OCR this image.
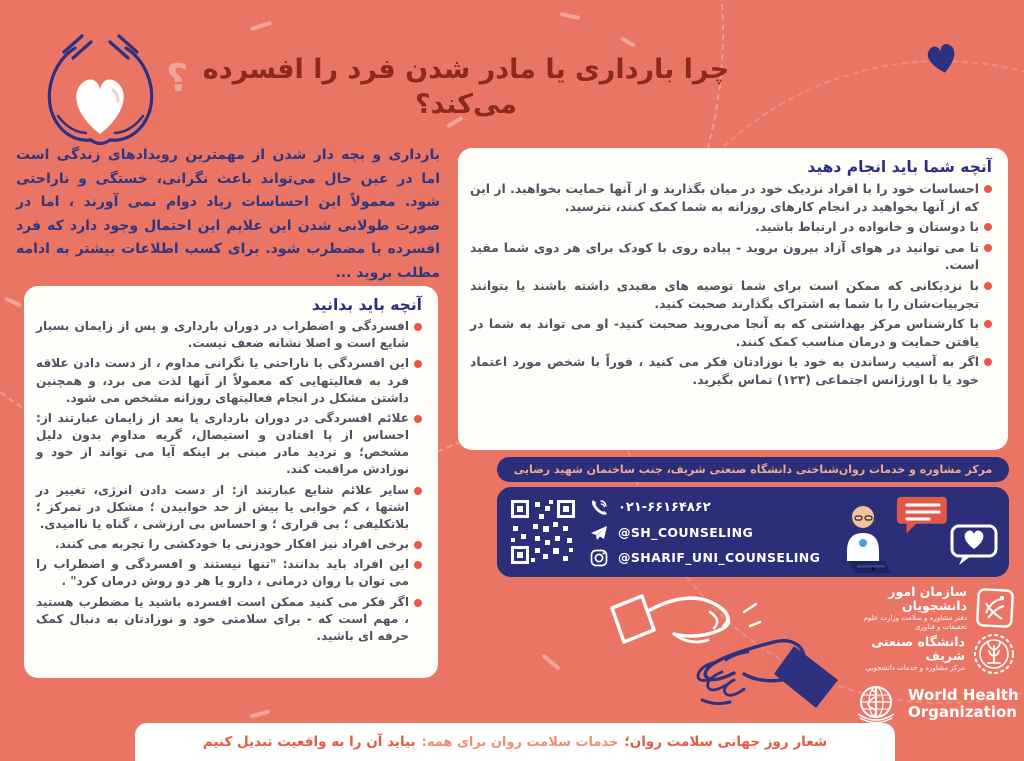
؟ چرا بارداری یا مادر شدن فرد را افسرده می‌کند؟

بارداری و بچه دار شدن از مهمترین رویدادهای زندگی است اما در عین حال می‌تواند باعث نگرانی، خستگی و ناراحتی شود. معمولاً این احساسات زیاد دوام نمی آورند ، اما در صورت طولانی شدن این علایم این احتمال وجود دارد که فرد افسرده یا مضطرب شود. برای کسب اطلاعات بیشتر به ادامه مطلب بروید ...

آنچه شما باید انجام دهید
احساسات خود را با افراد نزدیک خود در میان بگذارید و از آنها حمایت بخواهید. از این که از آنها بخواهید در انجام کارهای روزانه به شما کمک کنند، نترسید.
با دوستان و خانواده در ارتباط باشید.
تا می توانید در هوای آزاد بیرون بروید - پیاده روی با کودک برای هر دوی شما مفید است.
با نزدیکانی که ممکن است برای شما توصیه های مفیدی داشته باشند یا بتوانند تجربیات‌شان را با شما به اشتراک بگذارند صحبت کنید.
با کارشناس مرکز بهداشتی که به آنجا می‌روید صحبت کنید- او می تواند به شما در یافتن حمایت و درمان مناسب کمک کنند.
اگر به آسیب رساندن به خود یا نوزادتان فکر می کنید ، فوراً با شخص مورد اعتماد خود یا با اورژانس اجتماعی (۱۲۳) تماس بگیرید.
آنچه باید بدانید
افسردگی و اضطراب در دوران بارداری و پس از زایمان بسیار شایع است و اصلا نشانه ضعف نیست.
این افسردگی با ناراحتی یا نگرانی مداوم ، از دست دادن علاقه فرد به فعالیتهایی که معمولاً از آنها لذت می برد، و همچنین داشتن مشکل در انجام فعالیتهای روزانه مشخص می شود.
علائم افسردگی در دوران بارداری یا بعد از زایمان عبارتند از: احساس از پا افتادن و استیصال، گریه مداوم بدون دلیل مشخص؛ و تردید مادر مبنی بر اینکه آیا می تواند از خود و نوزادش مراقبت کند.
سایر علائم شایع عبارتند از: از دست دادن انرژی، تغییر در اشتها ، کم خوابی یا بیش از حد خوابیدن ؛ مشکل در تمرکز ؛ بلاتکلیفی ؛ بی قراری ؛ و احساس بی ارزشی ، گناه یا ناامیدی.
برخی افراد نیز افکار خودزنی یا خودکشی را تجربه می کنند.
این افراد باید بدانند: "تنها نیستند و افسردگی و اضطراب را می توان با روان درمانی ، دارو یا هر دو روش درمان کرد" .
اگر فکر می کنید ممکن است افسرده باشید یا مضطرب هستید ، مهم است که - برای سلامتی خود و نوزادتان به دنبال کمک حرفه ای باشید.
مرکز مشاوره و خدمات روان‌شناختی دانشگاه صنعتی شریف، جنب ساختمان شهید رضایی
۰۲۱-۶۶۱۶۴۸۶۲
@SH_COUNSELING
@SHARIF_UNI_COUNSELING
سازمان امور دانشجویان
دفتر مشاوره و سلامت وزارت علوم
تحقیقات و فناوری
دانشگاه صنعتی شریف
مرکز مشاوره و خدمات دانشجویی
World Health
Organization
شعار روز جهانی سلامت روان؛
خدمات سلامت روان برای همه:
بیاید آن را به واقعیت تبدیل کنیم
